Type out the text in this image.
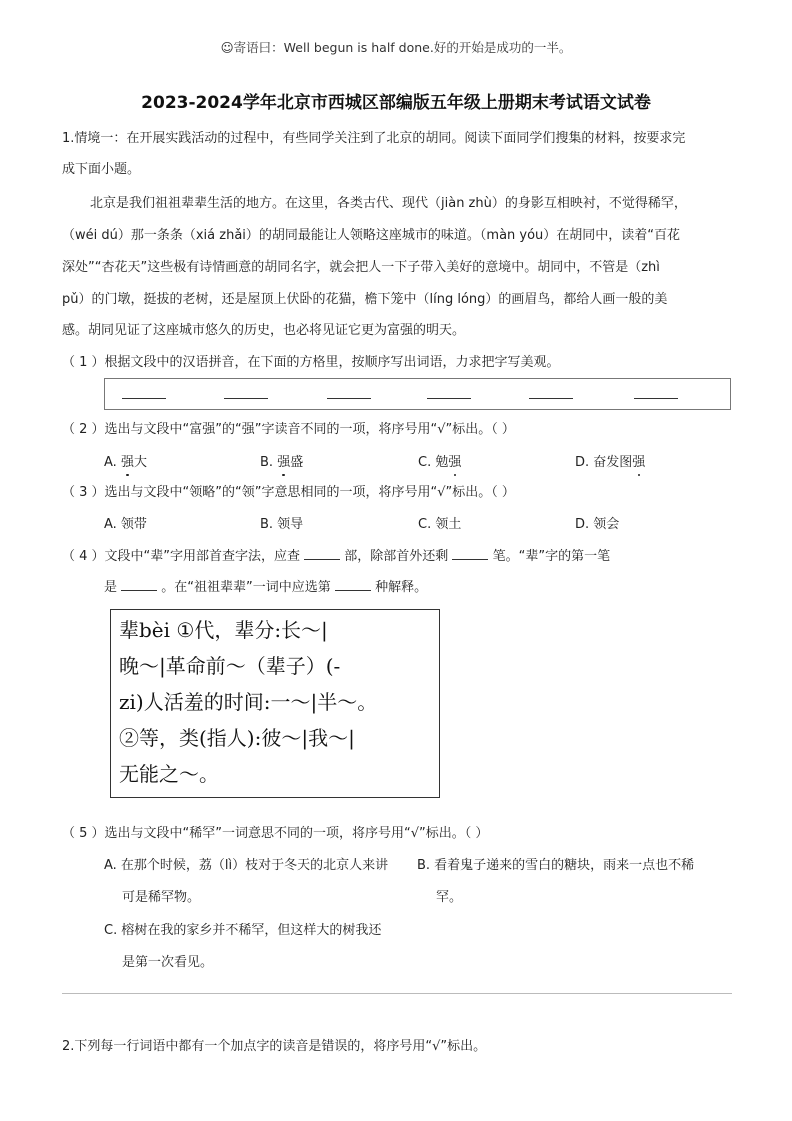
☺寄语曰：Well begun is half done.好的开始是成功的一半。
2023-2024学年北京市西城区部编版五年级上册期末考试语文试卷
1.情境一：在开展实践活动的过程中，有些同学关注到了北京的胡同。阅读下面同学们搜集的材料，按要求完
成下面小题。
北京是我们祖祖辈辈生活的地方。在这里，各类古代、现代（jiàn zhù）的身影互相映衬，不觉得稀罕，
（wéi dú）那一条条（xiá zhǎi）的胡同最能让人领略这座城市的味道。（màn yóu）在胡同中，读着“百花
深处”“杏花天”这些极有诗情画意的胡同名字，就会把人一下子带入美好的意境中。胡同中，不管是（zhì
pǔ）的门墩，挺拔的老树，还是屋顶上伏卧的花猫，檐下笼中（líng lóng）的画眉鸟，都给人画一般的美
感。胡同见证了这座城市悠久的历史，也必将见证它更为富强的明天。
（ 1 ）根据文段中的汉语拼音，在下面的方格里，按顺序写出词语，力求把字写美观。
（ 2 ）选出与文段中“富强”的“强”字读音不同的一项，将序号用“√”标出。（ ）
A. 强大	B. 强盛	C. 勉强	D. 奋发图强
（ 3 ）选出与文段中“领略”的“领”字意思相同的一项，将序号用“√”标出。（ ）
A. 领带	B. 领导	C. 领土	D. 领会
（ 4 ）文段中“辈”字用部首查字法，应查	部，除部首外还剩	笔。“辈”字的第一笔
是	。在“祖祖辈辈”一词中应选第	种解释。
辈bèi ①代，辈分:长～|
晚～|革命前～（辈子）(-
zi)人活羞的时间:一～|半～。
②等，类(指人):彼～|我～|
无能之～。
（ 5 ）选出与文段中“稀罕”一词意思不同的一项，将序号用“√”标出。（ ）
A. 在那个时候，荔（lì）枝对于冬天的北京人来讲
可是稀罕物。
B. 看着鬼子递来的雪白的糖块，雨来一点也不稀
罕。
C. 榕树在我的家乡并不稀罕，但这样大的树我还
是第一次看见。
2.下列每一行词语中都有一个加点字的读音是错误的，将序号用“√”标出。
